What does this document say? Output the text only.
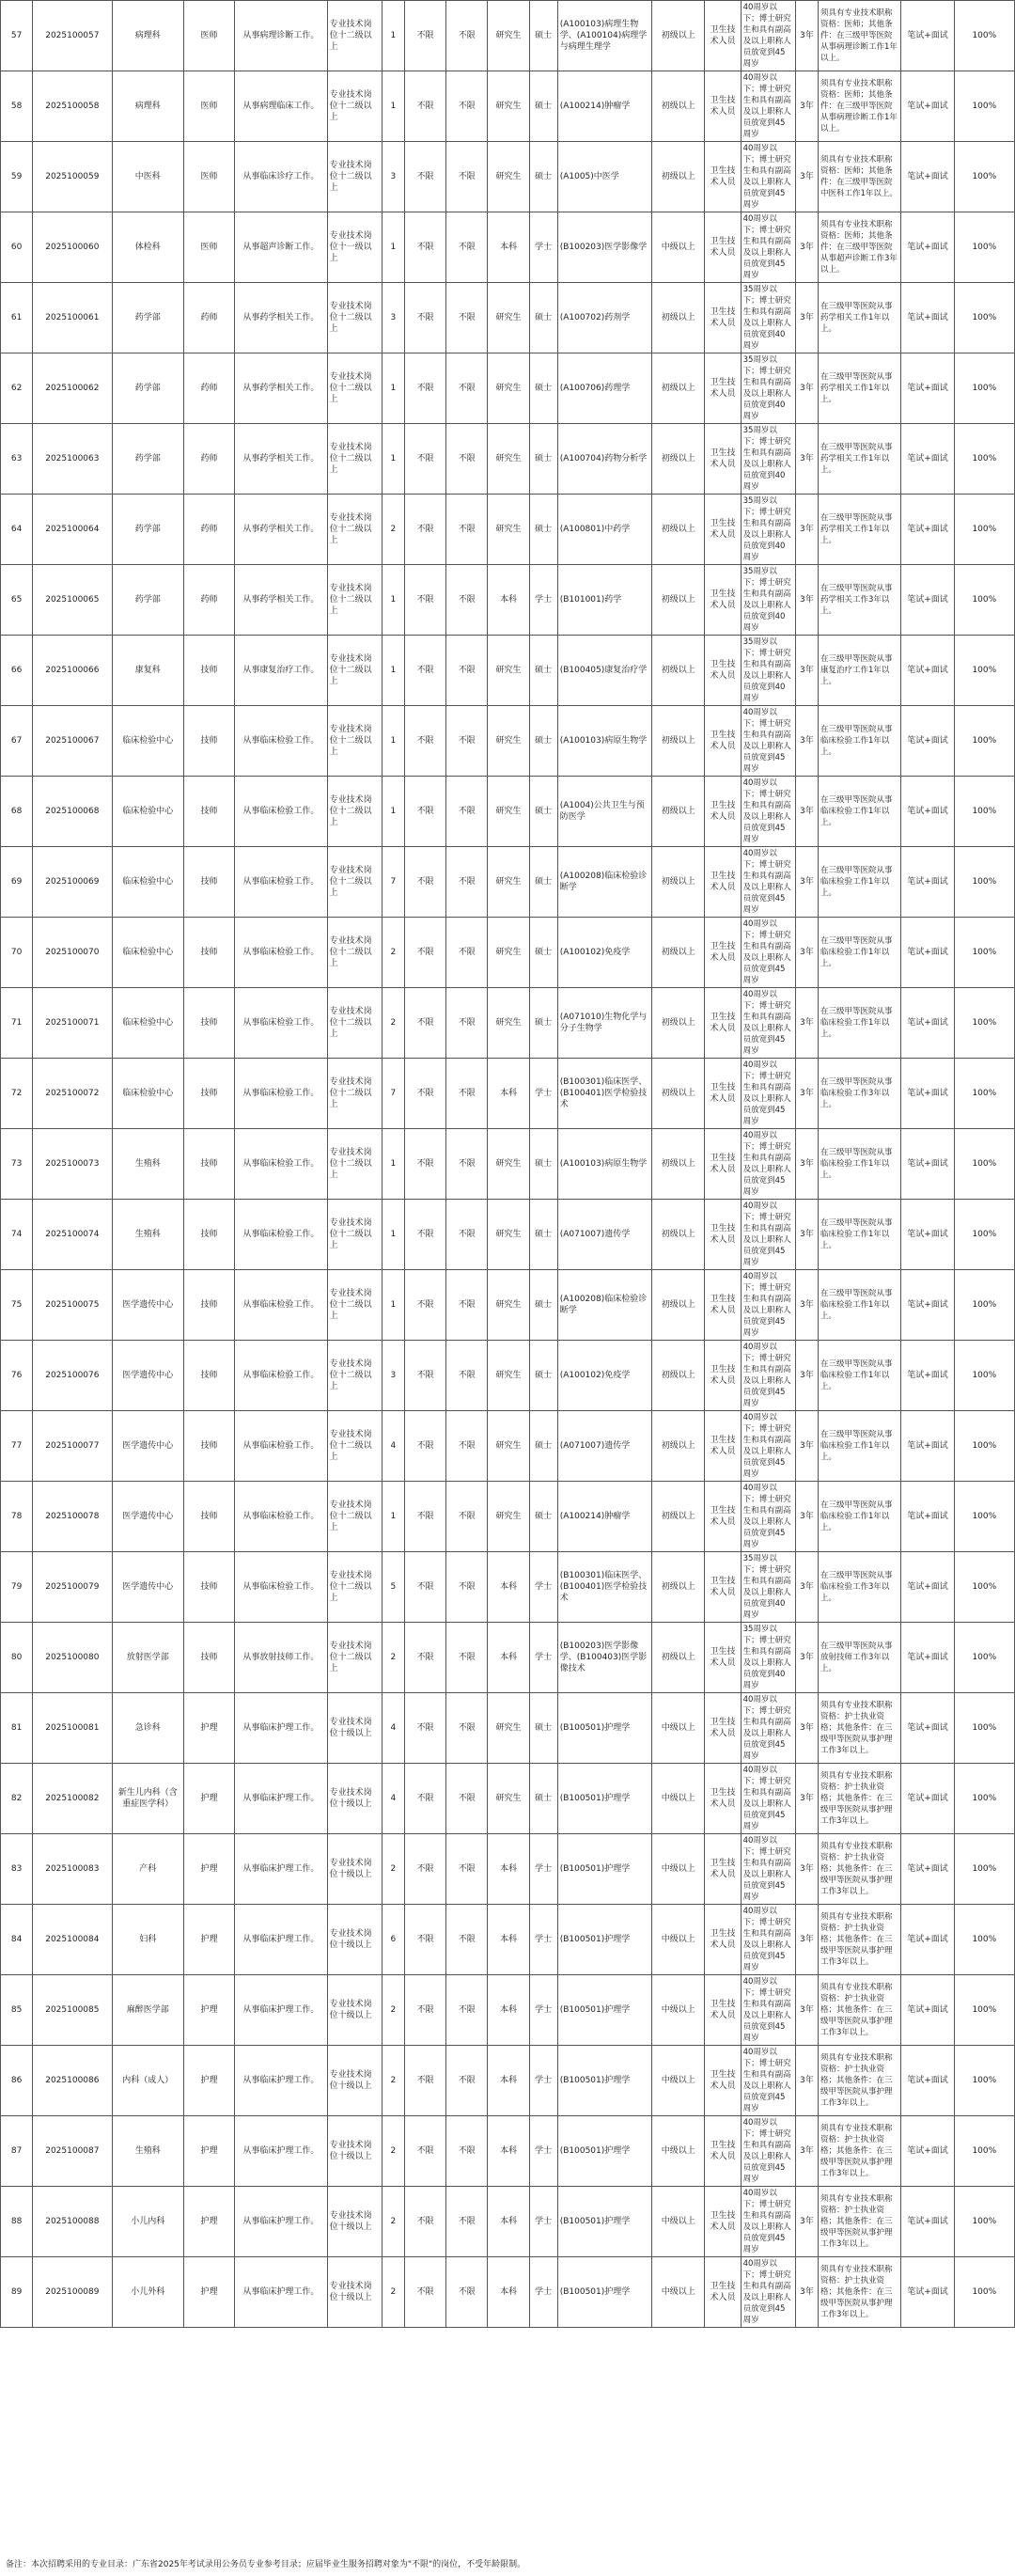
57	2025100057	病理科	医师	从事病理诊断工作。	专业技术岗位十二级以上	1	不限	不限	研究生	硕士	(A100103)病理生物学、(A100104)病理学与病理生理学	初级以上	卫生技术人员	40周岁以下；博士研究生和具有副高及以上职称人员放宽到45周岁	3年	须具有专业技术职称资格：医师；其他条件：在三级甲等医院从事病理诊断工作1年以上。	笔试+面试	100%
58	2025100058	病理科	医师	从事病理临床工作。	专业技术岗位十二级以上	1	不限	不限	研究生	硕士	(A100214)肿瘤学	初级以上	卫生技术人员	40周岁以下；博士研究生和具有副高及以上职称人员放宽到45周岁	3年	须具有专业技术职称资格：医师；其他条件：在三级甲等医院从事病理诊断工作1年以上。	笔试+面试	100%
59	2025100059	中医科	医师	从事临床诊疗工作。	专业技术岗位十二级以上	3	不限	不限	研究生	硕士	(A1005)中医学	初级以上	卫生技术人员	40周岁以下；博士研究生和具有副高及以上职称人员放宽到45周岁	3年	须具有专业技术职称资格：医师；其他条件：在三级甲等医院中医科工作1年以上。	笔试+面试	100%
60	2025100060	体检科	医师	从事超声诊断工作。	专业技术岗位十一级以上	1	不限	不限	本科	学士	(B100203)医学影像学	中级以上	卫生技术人员	40周岁以下；博士研究生和具有副高及以上职称人员放宽到45周岁	3年	须具有专业技术职称资格：医师；其他条件：在三级甲等医院从事超声诊断工作3年以上。	笔试+面试	100%
61	2025100061	药学部	药师	从事药学相关工作。	专业技术岗位十二级以上	3	不限	不限	研究生	硕士	(A100702)药剂学	初级以上	卫生技术人员	35周岁以下；博士研究生和具有副高及以上职称人员放宽到40周岁	3年	在三级甲等医院从事药学相关工作1年以上。	笔试+面试	100%
62	2025100062	药学部	药师	从事药学相关工作。	专业技术岗位十二级以上	1	不限	不限	研究生	硕士	(A100706)药理学	初级以上	卫生技术人员	35周岁以下；博士研究生和具有副高及以上职称人员放宽到40周岁	3年	在三级甲等医院从事药学相关工作1年以上。	笔试+面试	100%
63	2025100063	药学部	药师	从事药学相关工作。	专业技术岗位十二级以上	1	不限	不限	研究生	硕士	(A100704)药物分析学	初级以上	卫生技术人员	35周岁以下；博士研究生和具有副高及以上职称人员放宽到40周岁	3年	在三级甲等医院从事药学相关工作1年以上。	笔试+面试	100%
64	2025100064	药学部	药师	从事药学相关工作。	专业技术岗位十二级以上	2	不限	不限	研究生	硕士	(A100801)中药学	初级以上	卫生技术人员	35周岁以下；博士研究生和具有副高及以上职称人员放宽到40周岁	3年	在三级甲等医院从事药学相关工作1年以上。	笔试+面试	100%
65	2025100065	药学部	药师	从事药学相关工作。	专业技术岗位十二级以上	1	不限	不限	本科	学士	(B101001)药学	初级以上	卫生技术人员	35周岁以下；博士研究生和具有副高及以上职称人员放宽到40周岁	3年	在三级甲等医院从事药学相关工作3年以上。	笔试+面试	100%
66	2025100066	康复科	技师	从事康复治疗工作。	专业技术岗位十二级以上	1	不限	不限	研究生	硕士	(B100405)康复治疗学	初级以上	卫生技术人员	35周岁以下；博士研究生和具有副高及以上职称人员放宽到40周岁	3年	在三级甲等医院从事康复治疗工作1年以上。	笔试+面试	100%
67	2025100067	临床检验中心	技师	从事临床检验工作。	专业技术岗位十二级以上	1	不限	不限	研究生	硕士	(A100103)病原生物学	初级以上	卫生技术人员	40周岁以下；博士研究生和具有副高及以上职称人员放宽到45周岁	3年	在三级甲等医院从事临床检验工作1年以上。	笔试+面试	100%
68	2025100068	临床检验中心	技师	从事临床检验工作。	专业技术岗位十二级以上	1	不限	不限	研究生	硕士	(A1004)公共卫生与预防医学	初级以上	卫生技术人员	40周岁以下；博士研究生和具有副高及以上职称人员放宽到45周岁	3年	在三级甲等医院从事临床检验工作1年以上。	笔试+面试	100%
69	2025100069	临床检验中心	技师	从事临床检验工作。	专业技术岗位十二级以上	7	不限	不限	研究生	硕士	(A100208)临床检验诊断学	初级以上	卫生技术人员	40周岁以下；博士研究生和具有副高及以上职称人员放宽到45周岁	3年	在三级甲等医院从事临床检验工作1年以上。	笔试+面试	100%
70	2025100070	临床检验中心	技师	从事临床检验工作。	专业技术岗位十二级以上	2	不限	不限	研究生	硕士	(A100102)免疫学	初级以上	卫生技术人员	40周岁以下；博士研究生和具有副高及以上职称人员放宽到45周岁	3年	在三级甲等医院从事临床检验工作1年以上。	笔试+面试	100%
71	2025100071	临床检验中心	技师	从事临床检验工作。	专业技术岗位十二级以上	2	不限	不限	研究生	硕士	(A071010)生物化学与分子生物学	初级以上	卫生技术人员	40周岁以下；博士研究生和具有副高及以上职称人员放宽到45周岁	3年	在三级甲等医院从事临床检验工作1年以上。	笔试+面试	100%
72	2025100072	临床检验中心	技师	从事临床检验工作。	专业技术岗位十二级以上	7	不限	不限	本科	学士	(B100301)临床医学、(B100401)医学检验技术	初级以上	卫生技术人员	40周岁以下；博士研究生和具有副高及以上职称人员放宽到45周岁	3年	在三级甲等医院从事临床检验工作3年以上。	笔试+面试	100%
73	2025100073	生殖科	技师	从事临床检验工作。	专业技术岗位十二级以上	1	不限	不限	研究生	硕士	(A100103)病原生物学	初级以上	卫生技术人员	40周岁以下；博士研究生和具有副高及以上职称人员放宽到45周岁	3年	在三级甲等医院从事临床检验工作1年以上。	笔试+面试	100%
74	2025100074	生殖科	技师	从事临床检验工作。	专业技术岗位十二级以上	1	不限	不限	研究生	硕士	(A071007)遗传学	初级以上	卫生技术人员	40周岁以下；博士研究生和具有副高及以上职称人员放宽到45周岁	3年	在三级甲等医院从事临床检验工作1年以上。	笔试+面试	100%
75	2025100075	医学遗传中心	技师	从事临床检验工作。	专业技术岗位十二级以上	1	不限	不限	研究生	硕士	(A100208)临床检验诊断学	初级以上	卫生技术人员	40周岁以下；博士研究生和具有副高及以上职称人员放宽到45周岁	3年	在三级甲等医院从事临床检验工作1年以上。	笔试+面试	100%
76	2025100076	医学遗传中心	技师	从事临床检验工作。	专业技术岗位十二级以上	3	不限	不限	研究生	硕士	(A100102)免疫学	初级以上	卫生技术人员	40周岁以下；博士研究生和具有副高及以上职称人员放宽到45周岁	3年	在三级甲等医院从事临床检验工作1年以上。	笔试+面试	100%
77	2025100077	医学遗传中心	技师	从事临床检验工作。	专业技术岗位十二级以上	4	不限	不限	研究生	硕士	(A071007)遗传学	初级以上	卫生技术人员	40周岁以下；博士研究生和具有副高及以上职称人员放宽到45周岁	3年	在三级甲等医院从事临床检验工作1年以上。	笔试+面试	100%
78	2025100078	医学遗传中心	技师	从事临床检验工作。	专业技术岗位十二级以上	1	不限	不限	研究生	硕士	(A100214)肿瘤学	初级以上	卫生技术人员	40周岁以下；博士研究生和具有副高及以上职称人员放宽到45周岁	3年	在三级甲等医院从事临床检验工作1年以上。	笔试+面试	100%
79	2025100079	医学遗传中心	技师	从事临床检验工作。	专业技术岗位十二级以上	5	不限	不限	本科	学士	(B100301)临床医学、(B100401)医学检验技术	初级以上	卫生技术人员	35周岁以下；博士研究生和具有副高及以上职称人员放宽到40周岁	3年	在三级甲等医院从事临床检验工作3年以上。	笔试+面试	100%
80	2025100080	放射医学部	技师	从事放射技师工作。	专业技术岗位十二级以上	2	不限	不限	本科	学士	(B100203)医学影像学、(B100403)医学影像技术	初级以上	卫生技术人员	35周岁以下；博士研究生和具有副高及以上职称人员放宽到40周岁	3年	在三级甲等医院从事放射技师工作3年以上。	笔试+面试	100%
81	2025100081	急诊科	护理	从事临床护理工作。	专业技术岗位十级以上	4	不限	不限	研究生	硕士	(B100501)护理学	中级以上	卫生技术人员	40周岁以下；博士研究生和具有副高及以上职称人员放宽到45周岁	3年	须具有专业技术职称资格：护士执业资格；其他条件：在三级甲等医院从事护理工作3年以上。	笔试+面试	100%
82	2025100082	新生儿内科（含重症医学科）	护理	从事临床护理工作。	专业技术岗位十级以上	4	不限	不限	研究生	硕士	(B100501)护理学	中级以上	卫生技术人员	40周岁以下；博士研究生和具有副高及以上职称人员放宽到45周岁	3年	须具有专业技术职称资格：护士执业资格；其他条件：在三级甲等医院从事护理工作3年以上。	笔试+面试	100%
83	2025100083	产科	护理	从事临床护理工作。	专业技术岗位十级以上	2	不限	不限	本科	学士	(B100501)护理学	中级以上	卫生技术人员	40周岁以下；博士研究生和具有副高及以上职称人员放宽到45周岁	3年	须具有专业技术职称资格：护士执业资格；其他条件：在三级甲等医院从事护理工作3年以上。	笔试+面试	100%
84	2025100084	妇科	护理	从事临床护理工作。	专业技术岗位十级以上	6	不限	不限	本科	学士	(B100501)护理学	中级以上	卫生技术人员	40周岁以下；博士研究生和具有副高及以上职称人员放宽到45周岁	3年	须具有专业技术职称资格：护士执业资格；其他条件：在三级甲等医院从事护理工作3年以上。	笔试+面试	100%
85	2025100085	麻醉医学部	护理	从事临床护理工作。	专业技术岗位十级以上	2	不限	不限	本科	学士	(B100501)护理学	中级以上	卫生技术人员	40周岁以下；博士研究生和具有副高及以上职称人员放宽到45周岁	3年	须具有专业技术职称资格：护士执业资格；其他条件：在三级甲等医院从事护理工作3年以上。	笔试+面试	100%
86	2025100086	内科（成人）	护理	从事临床护理工作。	专业技术岗位十级以上	2	不限	不限	本科	学士	(B100501)护理学	中级以上	卫生技术人员	40周岁以下；博士研究生和具有副高及以上职称人员放宽到45周岁	3年	须具有专业技术职称资格：护士执业资格；其他条件：在三级甲等医院从事护理工作3年以上。	笔试+面试	100%
87	2025100087	生殖科	护理	从事临床护理工作。	专业技术岗位十级以上	2	不限	不限	本科	学士	(B100501)护理学	中级以上	卫生技术人员	40周岁以下；博士研究生和具有副高及以上职称人员放宽到45周岁	3年	须具有专业技术职称资格：护士执业资格；其他条件：在三级甲等医院从事护理工作3年以上。	笔试+面试	100%
88	2025100088	小儿内科	护理	从事临床护理工作。	专业技术岗位十级以上	2	不限	不限	本科	学士	(B100501)护理学	中级以上	卫生技术人员	40周岁以下；博士研究生和具有副高及以上职称人员放宽到45周岁	3年	须具有专业技术职称资格：护士执业资格；其他条件：在三级甲等医院从事护理工作3年以上。	笔试+面试	100%
89	2025100089	小儿外科	护理	从事临床护理工作。	专业技术岗位十级以上	2	不限	不限	本科	学士	(B100501)护理学	中级以上	卫生技术人员	40周岁以下；博士研究生和具有副高及以上职称人员放宽到45周岁	3年	须具有专业技术职称资格：护士执业资格；其他条件：在三级甲等医院从事护理工作3年以上。	笔试+面试	100%
备注：本次招聘采用的专业目录：广东省2025年考试录用公务员专业参考目录；应届毕业生服务招聘对象为"不限"的岗位，不受年龄限制。
